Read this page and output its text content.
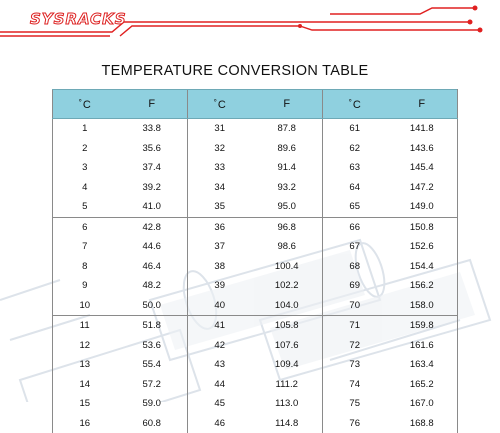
SYSRACKS
TEMPERATURE CONVERSION TABLE
°C	F	°C	F	°C	F
1	33.8	31	87.8	61	141.8
2	35.6	32	89.6	62	143.6
3	37.4	33	91.4	63	145.4
4	39.2	34	93.2	64	147.2
5	41.0	35	95.0	65	149.0
6	42.8	36	96.8	66	150.8
7	44.6	37	98.6	67	152.6
8	46.4	38	100.4	68	154.4
9	48.2	39	102.2	69	156.2
10	50.0	40	104.0	70	158.0
11	51.8	41	105.8	71	159.8
12	53.6	42	107.6	72	161.6
13	55.4	43	109.4	73	163.4
14	57.2	44	111.2	74	165.2
15	59.0	45	113.0	75	167.0
16	60.8	46	114.8	76	168.8
